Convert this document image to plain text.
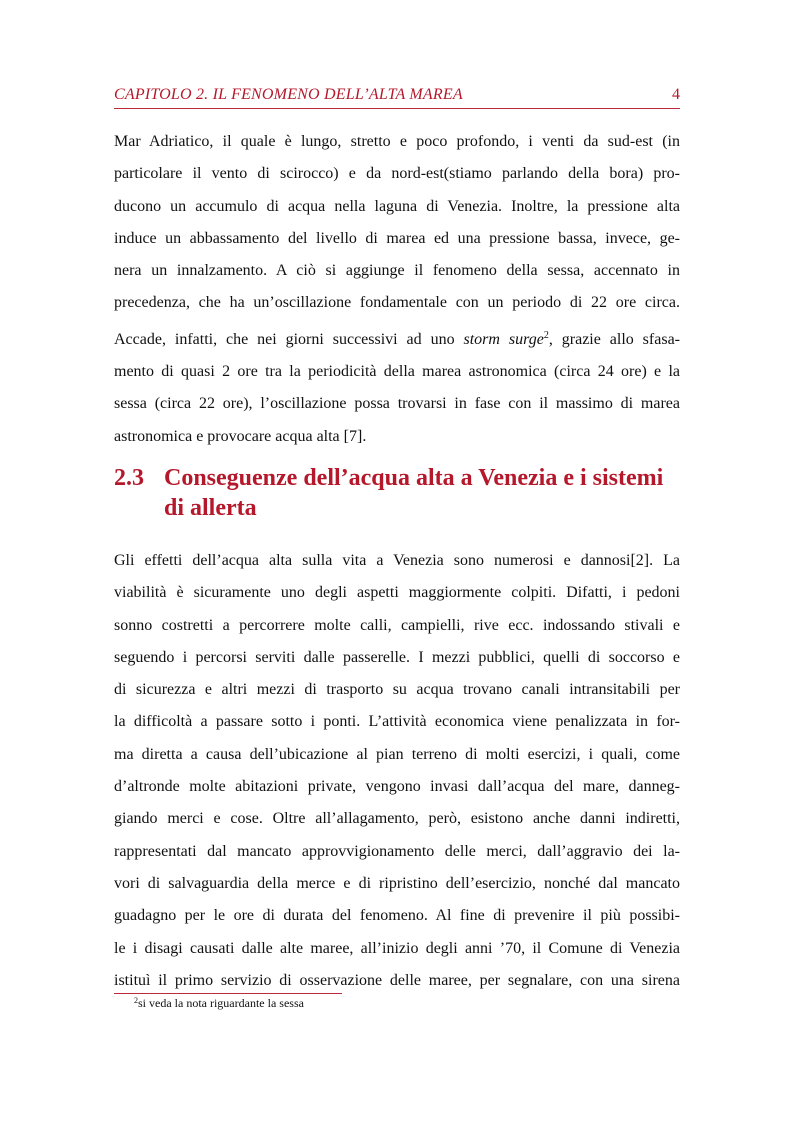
CAPITOLO 2. IL FENOMENO DELL’ALTA MAREA	4
Mar Adriatico, il quale è lungo, stretto e poco profondo, i venti da sud-est (in
particolare il vento di scirocco) e da nord-est(stiamo parlando della bora) pro-
ducono un accumulo di acqua nella laguna di Venezia. Inoltre, la pressione alta
induce un abbassamento del livello di marea ed una pressione bassa, invece, ge-
nera un innalzamento. A ciò si aggiunge il fenomeno della sessa, accennato in
precedenza, che ha un’oscillazione fondamentale con un periodo di 22 ore circa.
Accade, infatti, che nei giorni successivi ad uno storm surge$^2$, grazie allo sfasa-
mento di quasi 2 ore tra la periodicità della marea astronomica (circa 24 ore) e la
sessa (circa 22 ore), l’oscillazione possa trovarsi in fase con il massimo di marea
astronomica e provocare acqua alta [7].
2.3 Conseguenze dell’acqua alta a Venezia e i sistemi di allerta
Gli effetti dell’acqua alta sulla vita a Venezia sono numerosi e dannosi[2]. La
viabilità è sicuramente uno degli aspetti maggiormente colpiti. Difatti, i pedoni
sonno costretti a percorrere molte calli, campielli, rive ecc. indossando stivali e
seguendo i percorsi serviti dalle passerelle. I mezzi pubblici, quelli di soccorso e
di sicurezza e altri mezzi di trasporto su acqua trovano canali intransitabili per
la difficoltà a passare sotto i ponti. L’attività economica viene penalizzata in for-
ma diretta a causa dell’ubicazione al pian terreno di molti esercizi, i quali, come
d’altronde molte abitazioni private, vengono invasi dall’acqua del mare, danneg-
giando merci e cose. Oltre all’allagamento, però, esistono anche danni indiretti,
rappresentati dal mancato approvvigionamento delle merci, dall’aggravio dei la-
vori di salvaguardia della merce e di ripristino dell’esercizio, nonché dal mancato
guadagno per le ore di durata del fenomeno. Al fine di prevenire il più possibi-
le i disagi causati dalle alte maree, all’inizio degli anni ’70, il Comune di Venezia
istituì il primo servizio di osservazione delle maree, per segnalare, con una sirena
$^2$si veda la nota riguardante la sessa
